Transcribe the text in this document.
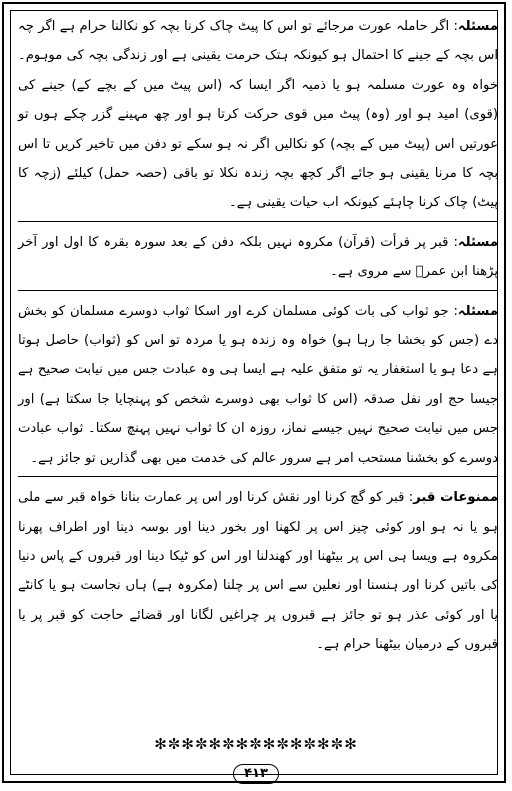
مسئلہ: اگر حاملہ عورت مرجائے تو اس کا پیٹ چاک کرنا بچہ کو نکالنا حرام ہے اگر چہ اس بچہ کے جینے کا احتمال ہو کیونکہ ہتک حرمت یقینی ہے اور زندگی بچہ کی موہوم۔ خواہ وہ عورت مسلمہ ہو یا ذمیہ اگر ایسا کہ (اس پیٹ میں کے بچے کے) جینے کی (قوی) امید ہو اور (وہ) پیٹ میں قوی حرکت کرتا ہو اور چھ مہینے گزر چکے ہوں تو عورتیں اس (پیٹ میں کے بچہ) کو نکالیں اگر نہ ہو سکے تو دفن میں تاخیر کریں تا اس بچہ کا مرنا یقینی ہو جائے اگر کچھ بچہ زندہ نکلا تو باقی (حصہ حمل) کیلئے (زچہ کا پیٹ) چاک کرنا چاہئے کیونکہ اب حیات یقینی ہے۔

مسئلہ: قبر پر قرأت (قرآن) مکروہ نہیں بلکہ دفن کے بعد سورہ بقرہ کا اول اور آخر پڑھنا ابن عمرؓ سے مروی ہے۔

مسئلہ: جو ثواب کی بات کوئی مسلمان کرے اور اسکا ثواب دوسرے مسلمان کو بخش دے (جس کو بخشا جا رہا ہو) خواہ وہ زندہ ہو یا مردہ تو اس کو (ثواب) حاصل ہوتا ہے دعا ہو یا استغفار یہ تو متفق علیہ ہے ایسا ہی وہ عبادت جس میں نیابت صحیح ہے جیسا حج اور نفل صدقہ (اس کا ثواب بھی دوسرے شخص کو پہنچایا جا سکتا ہے) اور جس میں نیابت صحیح نہیں جیسے نماز، روزہ ان کا ثواب نہیں پہنچ سکتا۔ ثواب عبادت دوسرے کو بخشنا مستحب امر ہے سرور عالم کی خدمت میں بھی گذاریں تو جائز ہے۔

ممنوعات قبر: قبر کو گچ کرنا اور نقش کرنا اور اس پر عمارت بنانا خواہ قبر سے ملی ہو یا نہ ہو اور کوئی چیز اس پر لکھنا اور بخور دینا اور بوسہ دینا اور اطراف پھرنا مکروہ ہے ویسا ہی اس پر بیٹھنا اور کھندلنا اور اس کو ٹیکا دینا اور قبروں کے پاس دنیا کی باتیں کرنا اور ہنسنا اور نعلین سے اس پر چلنا (مکروہ ہے) ہاں نجاست ہو یا کانٹے یا اور کوئی عذر ہو تو جائز ہے قبروں پر چراغیں لگانا اور قضائے حاجت کو قبر پر یا قبروں کے درمیان بیٹھنا حرام ہے۔

✻✼✻✼✻✼✻✼✻✼✻✼✻✼✻
۴۱۳
